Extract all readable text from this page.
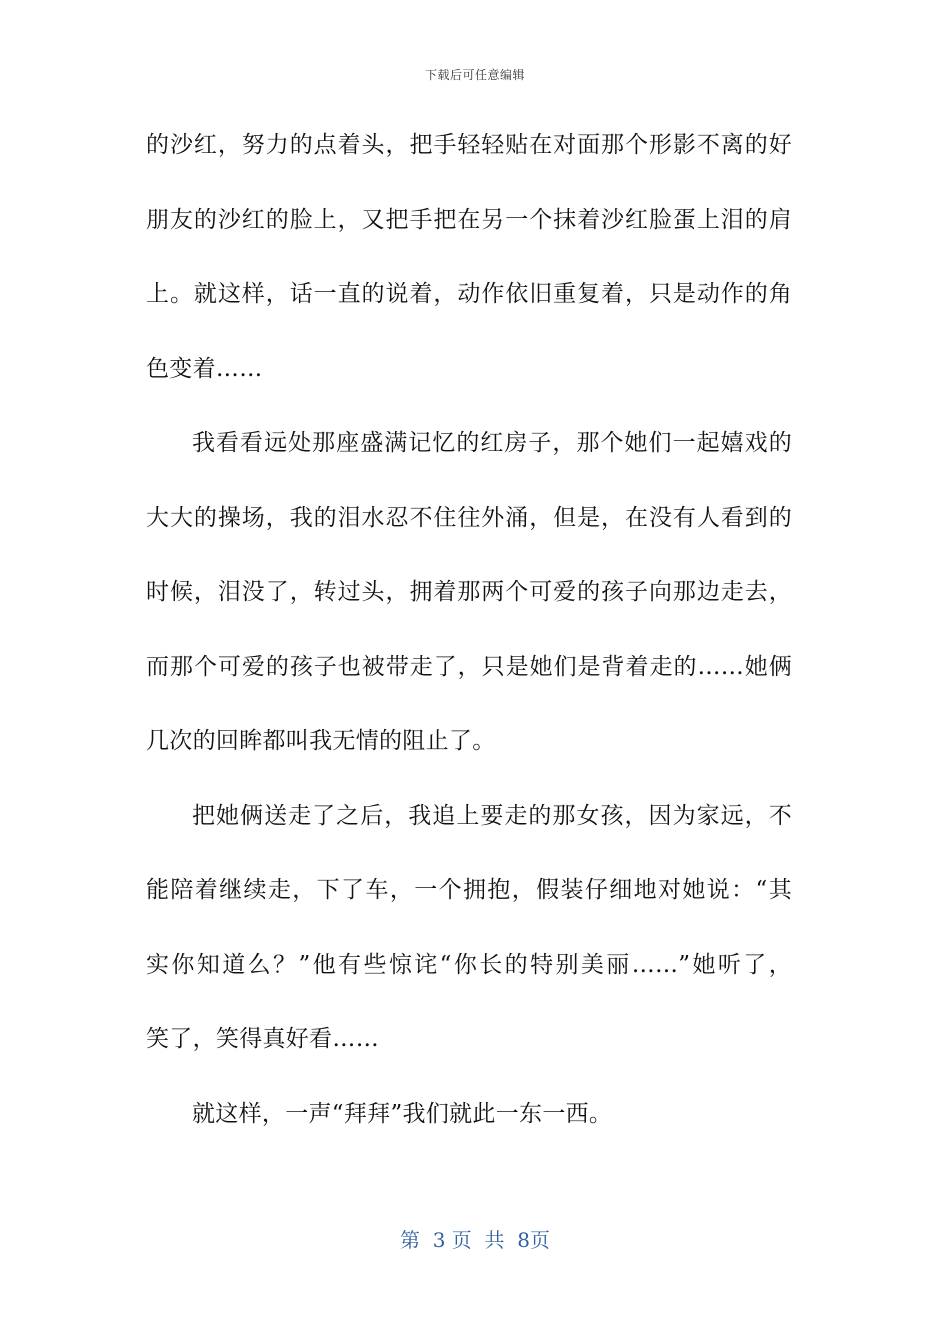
下载后可任意编辑
的沙红，努力的点着头，把手轻轻贴在对面那个形影不离的好
朋友的沙红的脸上，又把手把在另一个抹着沙红脸蛋上泪的肩
上。就这样，话一直的说着，动作依旧重复着，只是动作的角
色变着……
我看看远处那座盛满记忆的红房子，那个她们一起嬉戏的
大大的操场，我的泪水忍不住往外涌，但是，在没有人看到的
时候，泪没了，转过头，拥着那两个可爱的孩子向那边走去，
而那个可爱的孩子也被带走了，只是她们是背着走的……她俩
几次的回眸都叫我无情的阻止了。
把她俩送走了之后，我追上要走的那女孩，因为家远，不
能陪着继续走，下了车，一个拥抱，假装仔细地对她说：“其
实你知道么？”他有些惊诧“你长的特别美丽……”她听了，
笑了，笑得真好看……
就这样，一声“拜拜”我们就此一东一西。
第  3 页  共  8页
